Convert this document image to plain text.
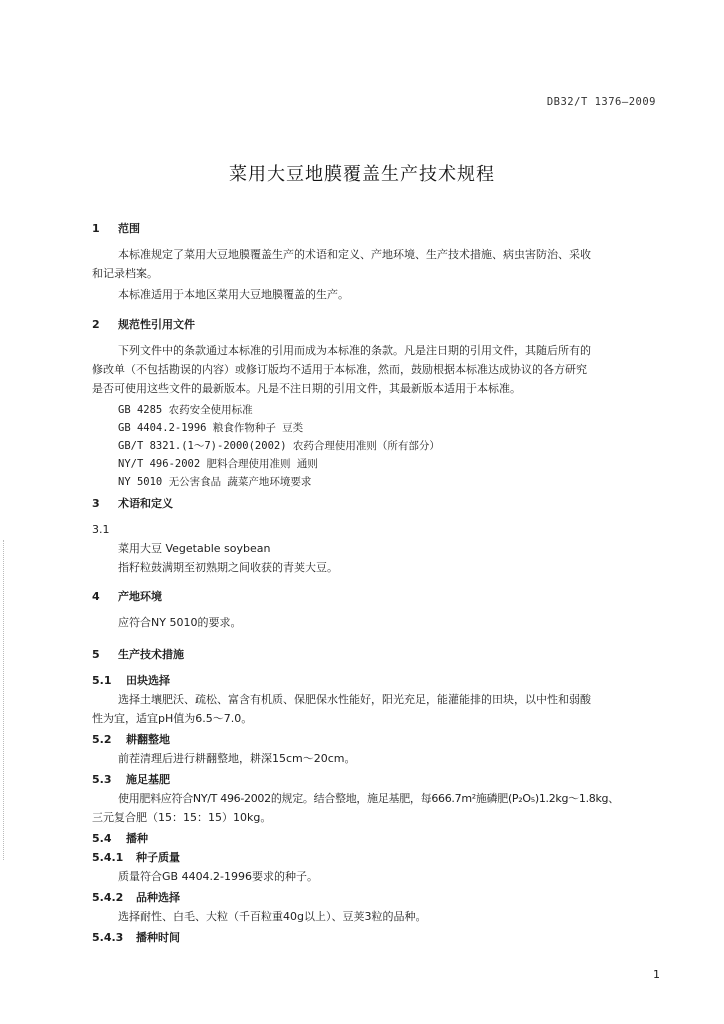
DB32/T 1376—2009
菜用大豆地膜覆盖生产技术规程
1 范围
本标准规定了菜用大豆地膜覆盖生产的术语和定义、产地环境、生产技术措施、病虫害防治、采收
和记录档案。
本标准适用于本地区菜用大豆地膜覆盖的生产。
2 规范性引用文件
下列文件中的条款通过本标准的引用而成为本标准的条款。凡是注日期的引用文件，其随后所有的
修改单（不包括勘误的内容）或修订版均不适用于本标准，然而，鼓励根据本标准达成协议的各方研究
是否可使用这些文件的最新版本。凡是不注日期的引用文件，其最新版本适用于本标准。
GB 4285 农药安全使用标准
GB 4404.2-1996 粮食作物种子 豆类
GB/T 8321.(1～7)-2000(2002) 农药合理使用准则（所有部分）
NY/T 496-2002 肥料合理使用准则 通则
NY 5010 无公害食品 蔬菜产地环境要求
3 术语和定义
3.1
菜用大豆 Vegetable soybean
指籽粒鼓满期至初熟期之间收获的青荚大豆。
4 产地环境
应符合NY 5010的要求。
5 生产技术措施
5.1 田块选择
选择土壤肥沃、疏松、富含有机质、保肥保水性能好，阳光充足，能灌能排的田块，以中性和弱酸
性为宜，适宜pH值为6.5～7.0。
5.2 耕翻整地
前茬清理后进行耕翻整地，耕深15cm～20cm。
5.3 施足基肥
使用肥料应符合NY/T 496-2002的规定。结合整地，施足基肥，每666.7m²施磷肥(P₂O₅)1.2kg～1.8kg、
三元复合肥（15：15：15）10kg。
5.4 播种
5.4.1 种子质量
质量符合GB 4404.2-1996要求的种子。
5.4.2 品种选择
选择耐性、白毛、大粒（千百粒重40g以上）、豆荚3粒的品种。
5.4.3 播种时间
1
